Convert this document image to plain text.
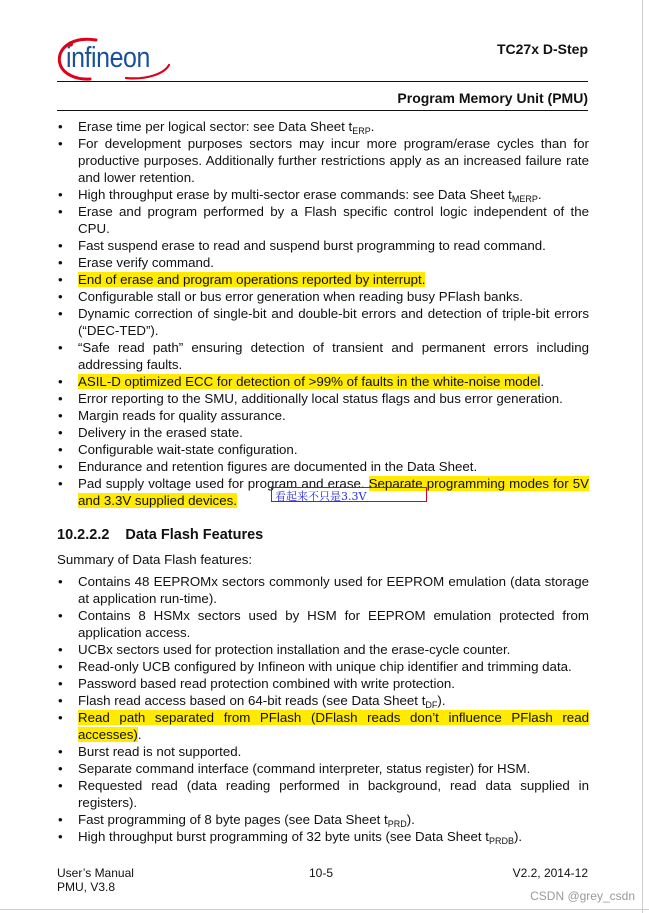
infineon	TC27x D-Step
Program Memory Unit (PMU)
• Erase time per logical sector: see Data Sheet $t_{ERP}$.
• For development purposes sectors may incur more program/erase cycles than for productive purposes. Additionally further restrictions apply as an increased failure rate and lower retention.
• High throughput erase by multi-sector erase commands: see Data Sheet $t_{MERP}$.
• Erase and program performed by a Flash specific control logic independent of the CPU.
• Fast suspend erase to read and suspend burst programming to read command.
• Erase verify command.
• End of erase and program operations reported by interrupt.
• Configurable stall or bus error generation when reading busy PFlash banks.
• Dynamic correction of single-bit and double-bit errors and detection of triple-bit errors (“DEC-TED”).
• “Safe read path” ensuring detection of transient and permanent errors including addressing faults.
• ASIL-D optimized ECC for detection of >99% of faults in the white-noise model.
• Error reporting to the SMU, additionally local status flags and bus error generation.
• Margin reads for quality assurance.
• Delivery in the erased state.
• Configurable wait-state configuration.
• Endurance and retention figures are documented in the Data Sheet.
• Pad supply voltage used for program and erase. Separate programming modes for 5V and 3.3V supplied devices.	看起来不只是3.3V
10.2.2.2 Data Flash Features
Summary of Data Flash features:
• Contains 48 EEPROMx sectors commonly used for EEPROM emulation (data storage at application run-time).
• Contains 8 HSMx sectors used by HSM for EEPROM emulation protected from application access.
• UCBx sectors used for protection installation and the erase-cycle counter.
• Read-only UCB configured by Infineon with unique chip identifier and trimming data.
• Password based read protection combined with write protection.
• Flash read access based on 64-bit reads (see Data Sheet $t_{DF}$).
• Read path separated from PFlash (DFlash reads don’t influence PFlash read accesses).
• Burst read is not supported.
• Separate command interface (command interpreter, status register) for HSM.
• Requested read (data reading performed in background, read data supplied in registers).
• Fast programming of 8 byte pages (see Data Sheet $t_{PRD}$).
• High throughput burst programming of 32 byte units (see Data Sheet $t_{PRDB}$).
User’s Manual
PMU, V3.8
10-5	V2.2, 2014-12
CSDN @grey_csdn
